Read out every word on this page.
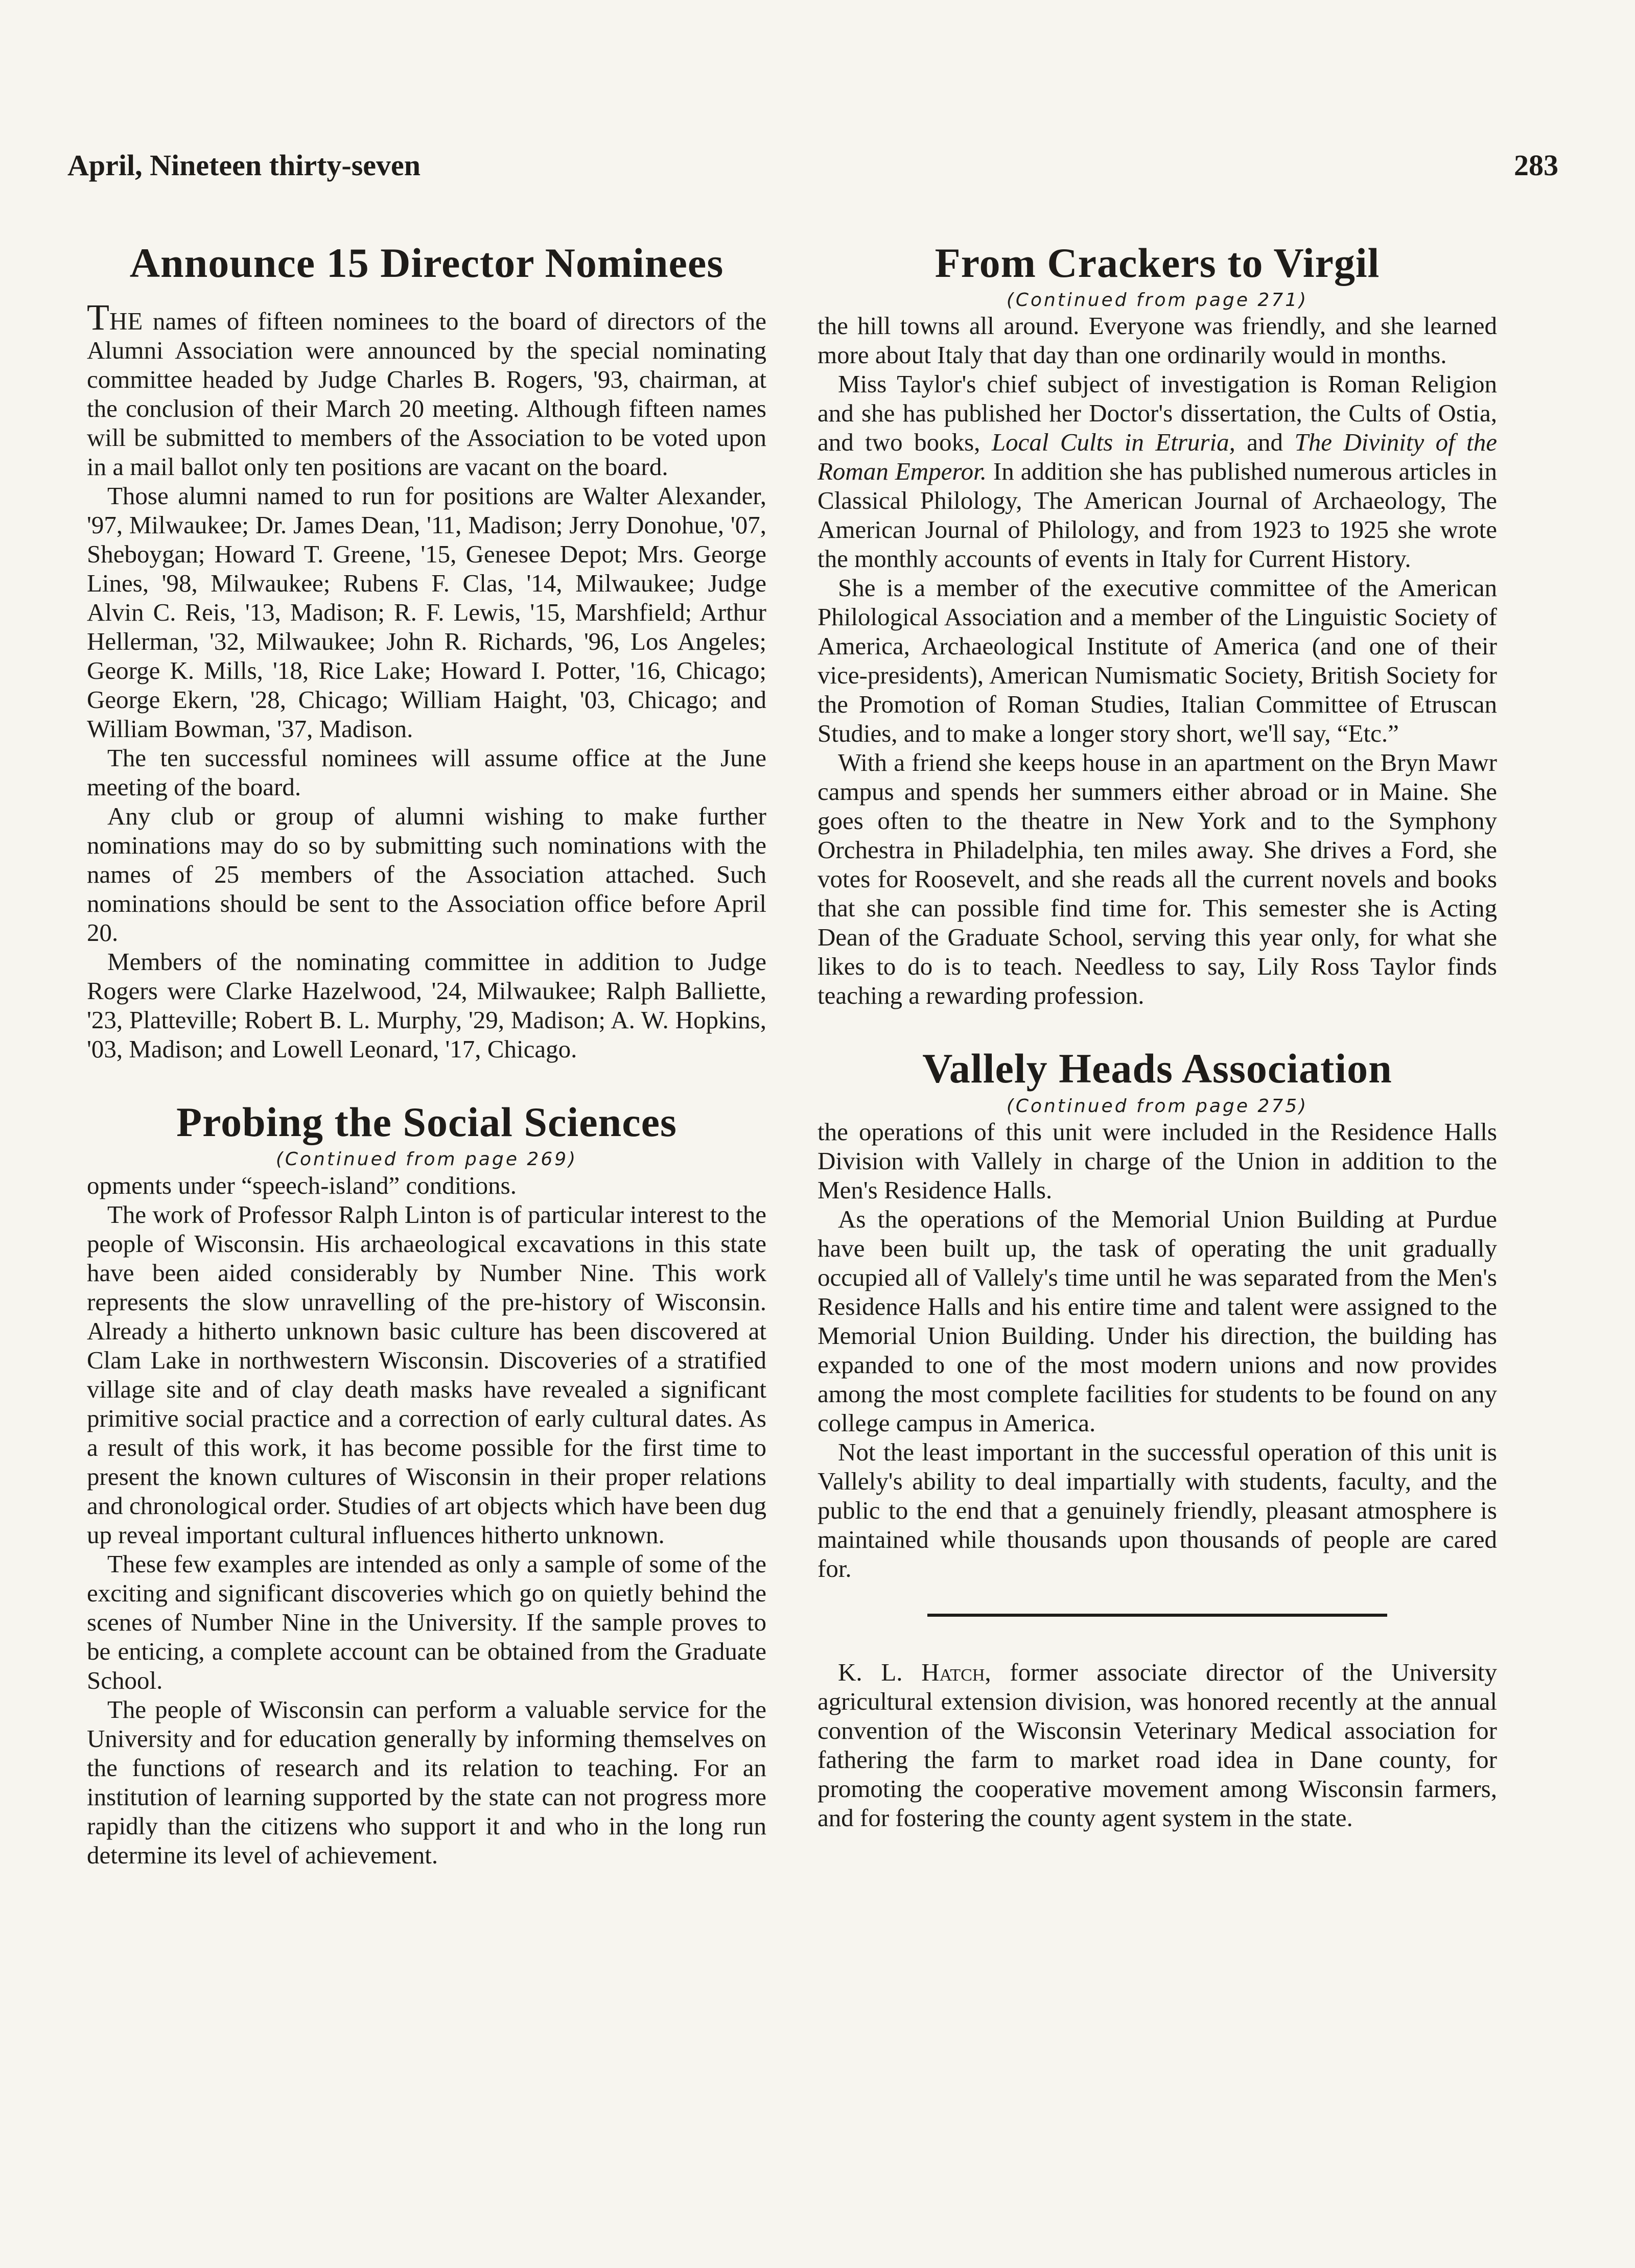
April, Nineteen thirty-seven	283
Announce 15 Director Nominees

THE names of fifteen nominees to the board of directors of the Alumni Association were announced by the special nominating committee headed by Judge Charles B. Rogers, '93, chairman, at the conclusion of their March 20 meeting. Although fifteen names will be submitted to members of the Association to be voted upon in a mail ballot only ten positions are vacant on the board.

Those alumni named to run for positions are Walter Alexander, '97, Milwaukee; Dr. James Dean, '11, Madison; Jerry Donohue, '07, Sheboygan; Howard T. Greene, '15, Genesee Depot; Mrs. George Lines, '98, Milwaukee; Rubens F. Clas, '14, Milwaukee; Judge Alvin C. Reis, '13, Madison; R. F. Lewis, '15, Marshfield; Arthur Hellerman, '32, Milwaukee; John R. Richards, '96, Los Angeles; George K. Mills, '18, Rice Lake; Howard I. Potter, '16, Chicago; George Ekern, '28, Chicago; William Haight, '03, Chicago; and William Bowman, '37, Madison.

The ten successful nominees will assume office at the June meeting of the board.

Any club or group of alumni wishing to make further nominations may do so by submitting such nominations with the names of 25 members of the Association attached. Such nominations should be sent to the Association office before April 20.

Members of the nominating committee in addition to Judge Rogers were Clarke Hazelwood, '24, Milwaukee; Ralph Balliette, '23, Platteville; Robert B. L. Murphy, '29, Madison; A. W. Hopkins, '03, Madison; and Lowell Leonard, '17, Chicago.

Probing the Social Sciences
(Continued from page 269)

opments under “speech-island” conditions.

The work of Professor Ralph Linton is of particular interest to the people of Wisconsin. His archaeological excavations in this state have been aided considerably by Number Nine. This work represents the slow unravelling of the pre-history of Wisconsin. Already a hitherto unknown basic culture has been discovered at Clam Lake in northwestern Wisconsin. Discoveries of a stratified village site and of clay death masks have revealed a significant primitive social practice and a correction of early cultural dates. As a result of this work, it has become possible for the first time to present the known cultures of Wisconsin in their proper relations and chronological order. Studies of art objects which have been dug up reveal important cultural influences hitherto unknown.

These few examples are intended as only a sample of some of the exciting and significant discoveries which go on quietly behind the scenes of Number Nine in the University. If the sample proves to be enticing, a complete account can be obtained from the Graduate School.

The people of Wisconsin can perform a valuable service for the University and for education generally by informing themselves on the functions of research and its relation to teaching. For an institution of learning supported by the state can not progress more rapidly than the citizens who support it and who in the long run determine its level of achievement.

From Crackers to Virgil
(Continued from page 271)

the hill towns all around. Everyone was friendly, and she learned more about Italy that day than one ordinarily would in months.

Miss Taylor's chief subject of investigation is Roman Religion and she has published her Doctor's dissertation, the Cults of Ostia, and two books, Local Cults in Etruria, and The Divinity of the Roman Emperor. In addition she has published numerous articles in Classical Philology, The American Journal of Archaeology, The American Journal of Philology, and from 1923 to 1925 she wrote the monthly accounts of events in Italy for Current History.

She is a member of the executive committee of the American Philological Association and a member of the Linguistic Society of America, Archaeological Institute of America (and one of their vice-presidents), American Numismatic Society, British Society for the Promotion of Roman Studies, Italian Committee of Etruscan Studies, and to make a longer story short, we'll say, “Etc.”

With a friend she keeps house in an apartment on the Bryn Mawr campus and spends her summers either abroad or in Maine. She goes often to the theatre in New York and to the Symphony Orchestra in Philadelphia, ten miles away. She drives a Ford, she votes for Roosevelt, and she reads all the current novels and books that she can possible find time for. This semester she is Acting Dean of the Graduate School, serving this year only, for what she likes to do is to teach. Needless to say, Lily Ross Taylor finds teaching a rewarding profession.

Vallely Heads Association
(Continued from page 275)

the operations of this unit were included in the Residence Halls Division with Vallely in charge of the Union in addition to the Men's Residence Halls.

As the operations of the Memorial Union Building at Purdue have been built up, the task of operating the unit gradually occupied all of Vallely's time until he was separated from the Men's Residence Halls and his entire time and talent were assigned to the Memorial Union Building. Under his direction, the building has expanded to one of the most modern unions and now provides among the most complete facilities for students to be found on any college campus in America.

Not the least important in the successful operation of this unit is Vallely's ability to deal impartially with students, faculty, and the public to the end that a genuinely friendly, pleasant atmosphere is maintained while thousands upon thousands of people are cared for.

K. L. Hatch, former associate director of the University agricultural extension division, was honored recently at the annual convention of the Wisconsin Veterinary Medical association for fathering the farm to market road idea in Dane county, for promoting the cooperative movement among Wisconsin farmers, and for fostering the county agent system in the state.
